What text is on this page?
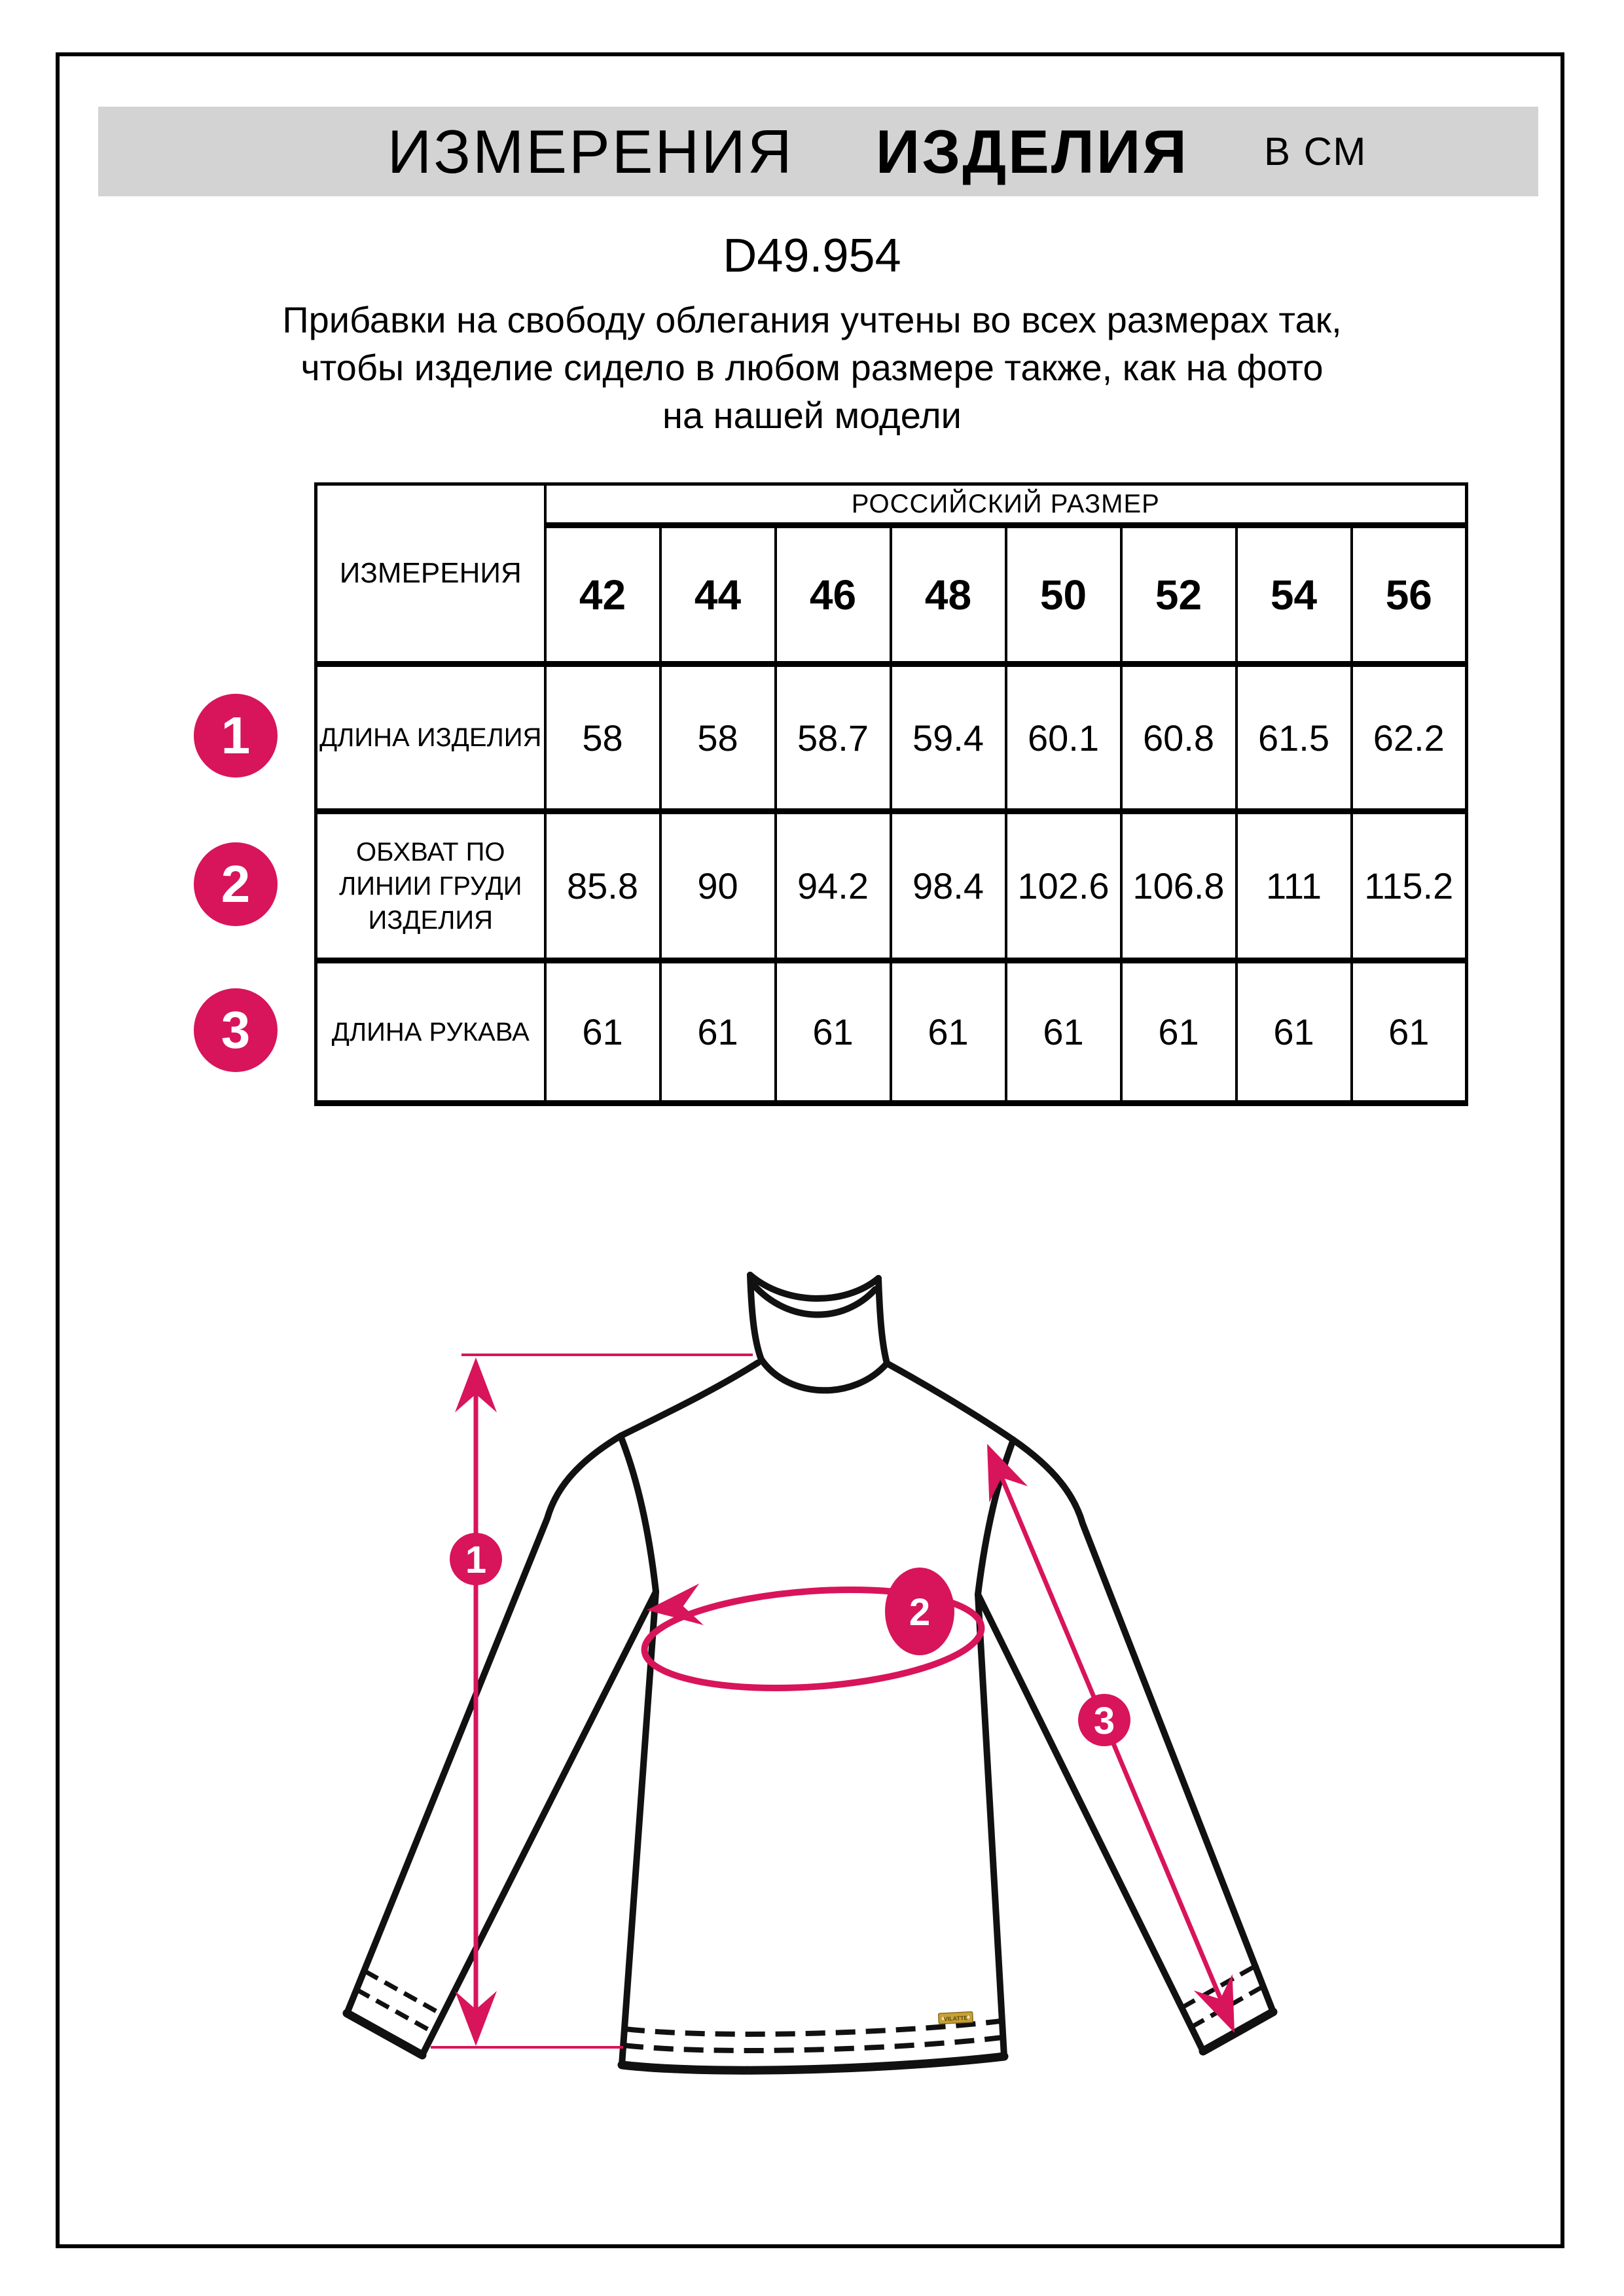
ИЗМЕРЕНИЯ ИЗДЕЛИЯ В СМ
D49.954
Прибавки на свободу облегания учтены во всех размерах так,
чтобы изделие сидело в любом размере также, как на фото
на нашей модели
ИЗМЕРЕНИЯ	РОССИЙСКИЙ РАЗМЕР							
	42	44	46	48	50	52	54	56
ДЛИНА ИЗДЕЛИЯ	58	58	58.7	59.4	60.1	60.8	61.5	62.2
ОБХВАТ ПО ЛИНИИ ГРУДИ ИЗДЕЛИЯ	85.8	90	94.2	98.4	102.6	106.8	111	115.2
ДЛИНА РУКАВА	61	61	61	61	61	61	61	61
1
2
3
1
2
3
VILATTE
